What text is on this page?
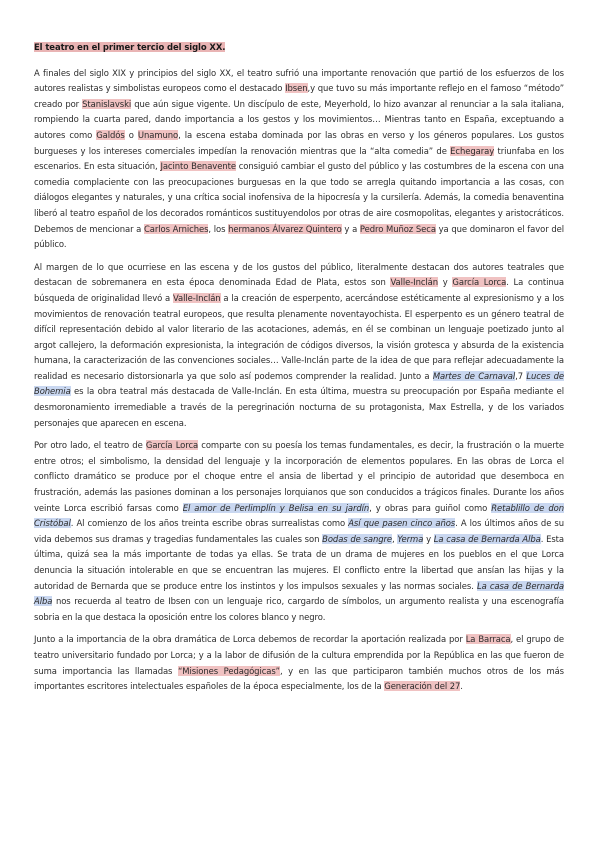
El teatro en el primer tercio del siglo XX.

A finales del siglo XIX y principios del siglo XX, el teatro sufrió una importante renovación que partió de los esfuerzos de los autores realistas y simbolistas europeos como el destacado Ibsen,y que tuvo su más importante reflejo en el famoso “método” creado por Stanislavski que aún sigue vigente. Un discípulo de este, Meyerhold, lo hizo avanzar al renunciar a la sala italiana, rompiendo la cuarta pared, dando importancia a los gestos y los movimientos… Mientras tanto en España, exceptuando a autores como Galdós o Unamuno, la escena estaba dominada por las obras en verso y los géneros populares. Los gustos burgueses y los intereses comerciales impedían la renovación mientras que la “alta comedia” de Echegaray triunfaba en los escenarios. En esta situación, Jacinto Benavente consiguió cambiar el gusto del público y las costumbres de la escena con una comedia complaciente con las preocupaciones burguesas en la que todo se arregla quitando importancia a las cosas, con diálogos elegantes y naturales, y una crítica social inofensiva de la hipocresía y la cursilería. Además, la comedia benaventina liberó al teatro español de los decorados románticos sustituyendolos por otras de aire cosmopolitas, elegantes y aristocráticos. Debemos de mencionar a Carlos Arniches, los hermanos Álvarez Quintero y a Pedro Muñoz Seca ya que dominaron el favor del público.

Al margen de lo que ocurriese en las escena y de los gustos del público, literalmente destacan dos autores teatrales que destacan de sobremanera en esta época denominada Edad de Plata, estos son Valle-Inclán y García Lorca. La continua búsqueda de originalidad llevó a Valle-Inclán a la creación de esperpento, acercándose estéticamente al expresionismo y a los movimientos de renovación teatral europeos, que resulta plenamente noventayochista. El esperpento es un género teatral de difícil representación debido al valor literario de las acotaciones, además, en él se combinan un lenguaje poetizado junto al argot callejero, la deformación expresionista, la integración de códigos diversos, la visión grotesca y absurda de la existencia humana, la caracterización de las convenciones sociales… Valle-Inclán parte de la idea de que para reflejar adecuadamente la realidad es necesario distorsionarla ya que solo así podemos comprender la realidad. Junto a Martes de Carnaval,7 Luces de Bohemia es la obra teatral más destacada de Valle-Inclán. En esta última, muestra su preocupación por España mediante el desmoronamiento irremediable a través de la peregrinación nocturna de su protagonista, Max Estrella, y de los variados personajes que aparecen en escena.

Por otro lado, el teatro de García Lorca comparte con su poesía los temas fundamentales, es decir, la frustración o la muerte entre otros; el simbolismo, la densidad del lenguaje y la incorporación de elementos populares. En las obras de Lorca el conflicto dramático se produce por el choque entre el ansia de libertad y el principio de autoridad que desemboca en frustración, además las pasiones dominan a los personajes lorquianos que son conducidos a trágicos finales. Durante los años veinte Lorca escribió farsas como El amor de Perlimplín y Belisa en su jardín, y obras para guiñol como Retablillo de don Cristóbal. Al comienzo de los años treinta escribe obras surrealistas como Así que pasen cinco años. A los últimos años de su vida debemos sus dramas y tragedias fundamentales las cuales son Bodas de sangre, Yerma y La casa de Bernarda Alba. Esta última, quizá sea la más importante de todas ya ellas. Se trata de un drama de mujeres en los pueblos en el que Lorca denuncia la situación intolerable en que se encuentran las mujeres. El conflicto entre la libertad que ansían las hijas y la autoridad de Bernarda que se produce entre los instintos y los impulsos sexuales y las normas sociales. La casa de Bernarda Alba nos recuerda al teatro de Ibsen con un lenguaje rico, cargardo de símbolos, un argumento realista y una escenografía sobria en la que destaca la oposición entre los colores blanco y negro.

Junto a la importancia de la obra dramática de Lorca debemos de recordar la aportación realizada por La Barraca, el grupo de teatro universitario fundado por Lorca; y a la labor de difusión de la cultura emprendida por la República en las que fueron de suma importancia las llamadas “Misiones Pedagógicas”, y en las que participaron también muchos otros de los más importantes escritores intelectuales españoles de la época especialmente, los de la Generación del 27.
